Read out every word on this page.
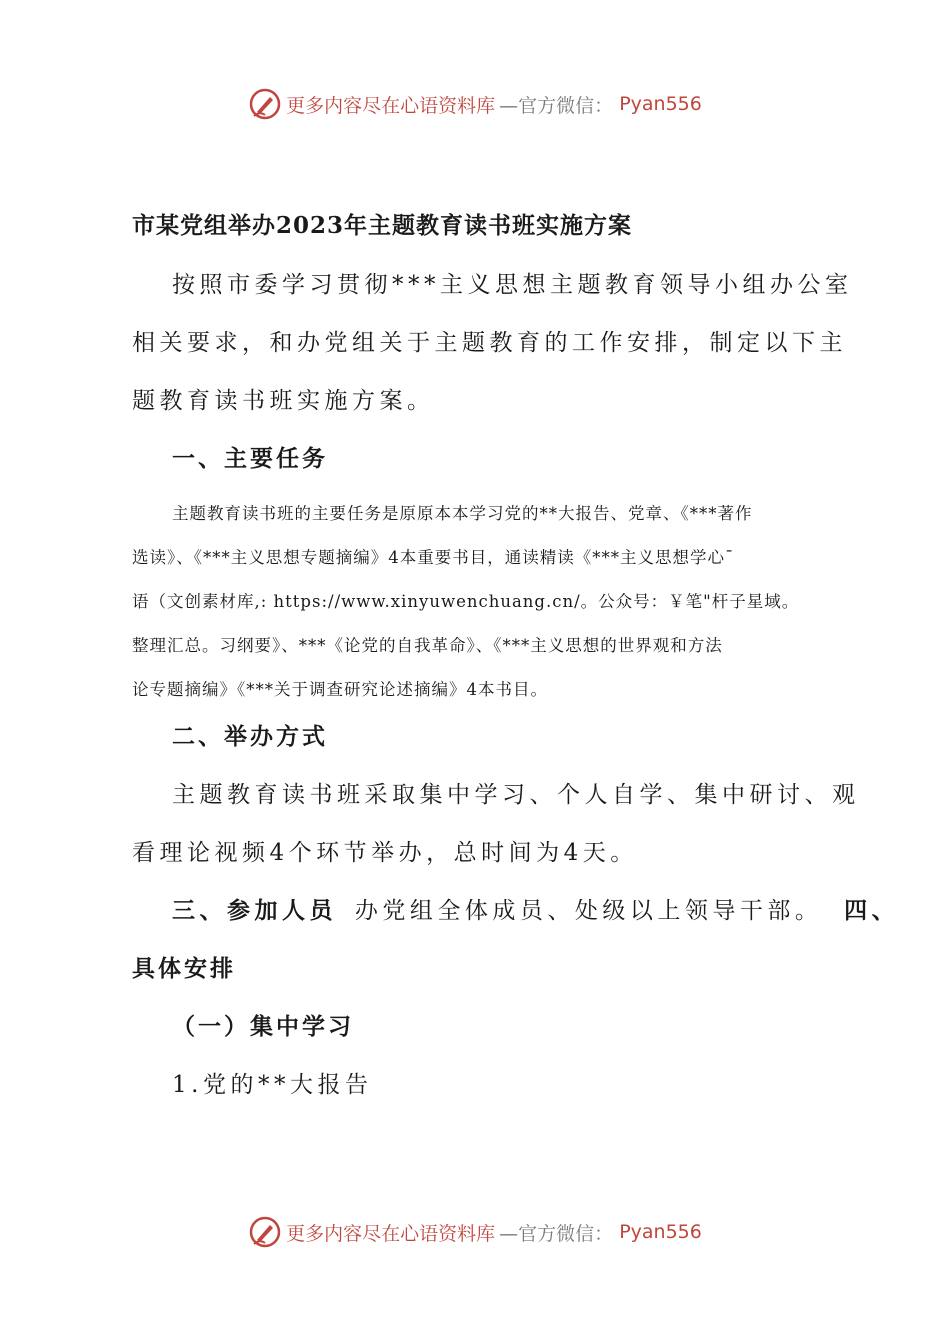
更多内容尽在心语资料库 —官方微信： Pyan556
市某党组举办2023年主题教育读书班实施方案
按照市委学习贯彻***主义思想主题教育领导小组办公室
相关要求，和办党组关于主题教育的工作安排，制定以下主
题教育读书班实施方案。
一、主要任务
主题教育读书班的主要任务是原原本本学习党的**大报告、党章、《***著作
选读》、《***主义思想专题摘编》4本重要书目，通读精读《***主义思想学心¯
语（文创素材库,: https://www.xinyuwenchuang.cn/。公众号：￥笔"杆子星域。
整理汇总。习纲要》、***《论党的自我革命》、《***主义思想的世界观和方法
论专题摘编》《***关于调查研究论述摘编》4本书目。
二、举办方式
主题教育读书班采取集中学习、个人自学、集中研讨、观
看理论视频4个环节举办，总时间为4天。
三、参加人员 办党组全体成员、处级以上领导干部。 四、
具体安排
（一）集中学习
1.党的**大报告
更多内容尽在心语资料库 —官方微信： Pyan556
